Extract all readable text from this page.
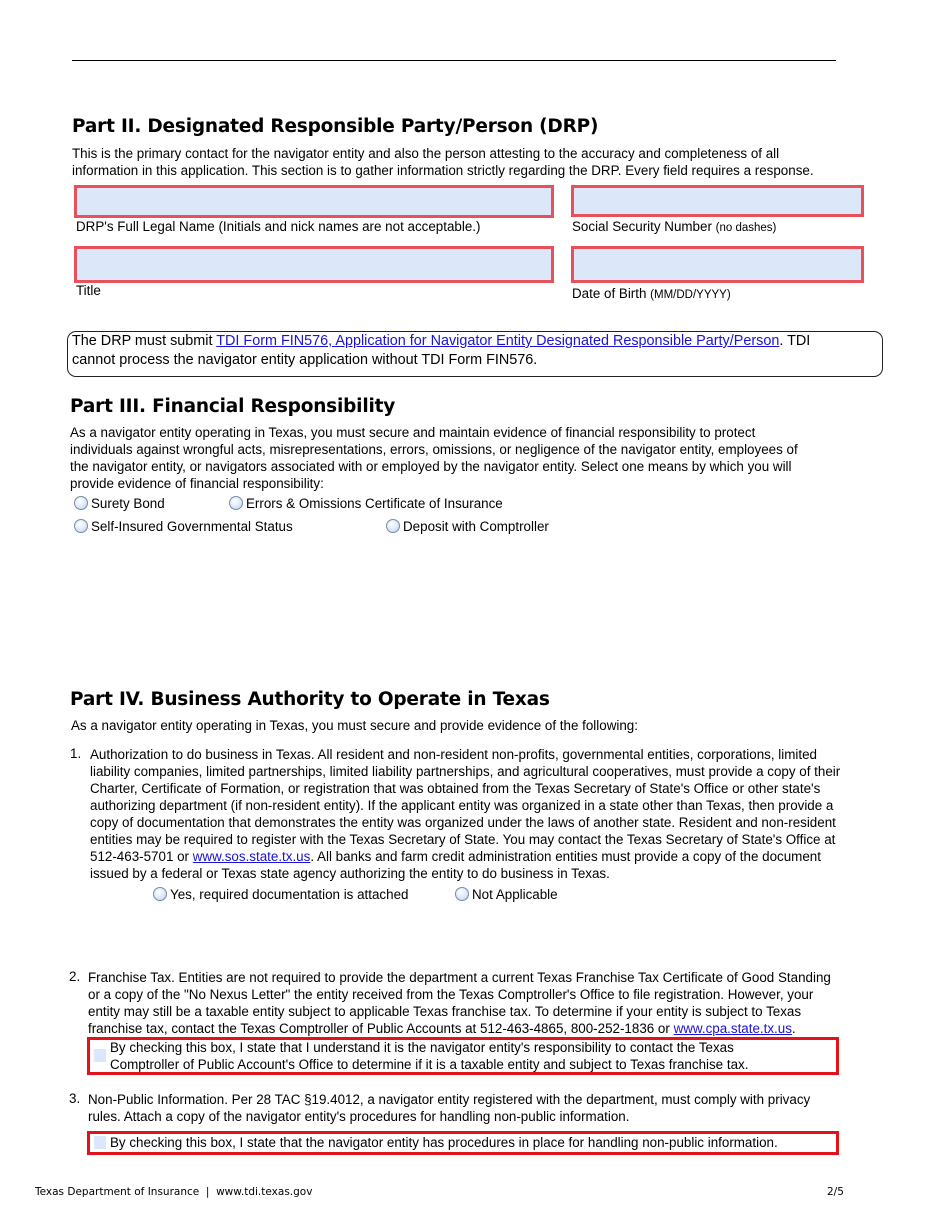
Part II. Designated Responsible Party/Person (DRP)
This is the primary contact for the navigator entity and also the person attesting to the accuracy and completeness of all
information in this application. This section is to gather information strictly regarding the DRP. Every field requires a response.
DRP's Full Legal Name (Initials and nick names are not acceptable.)	Social Security Number (no dashes)
Title	Date of Birth (MM/DD/YYYY)
The DRP must submit TDI Form FIN576, Application for Navigator Entity Designated Responsible Party/Person. TDI
cannot process the navigator entity application without TDI Form FIN576.
Part III. Financial Responsibility
As a navigator entity operating in Texas, you must secure and maintain evidence of financial responsibility to protect
individuals against wrongful acts, misrepresentations, errors, omissions, or negligence of the navigator entity, employees of
the navigator entity, or navigators associated with or employed by the navigator entity. Select one means by which you will
provide evidence of financial responsibility:
Surety Bond	Errors & Omissions Certificate of Insurance
Self-Insured Governmental Status	Deposit with Comptroller
Part IV. Business Authority to Operate in Texas
As a navigator entity operating in Texas, you must secure and provide evidence of the following:
1. Authorization to do business in Texas. All resident and non-resident non-profits, governmental entities, corporations, limited
liability companies, limited partnerships, limited liability partnerships, and agricultural cooperatives, must provide a copy of their
Charter, Certificate of Formation, or registration that was obtained from the Texas Secretary of State's Office or other state's
authorizing department (if non-resident entity). If the applicant entity was organized in a state other than Texas, then provide a
copy of documentation that demonstrates the entity was organized under the laws of another state. Resident and non-resident
entities may be required to register with the Texas Secretary of State. You may contact the Texas Secretary of State's Office at
512-463-5701 or www.sos.state.tx.us. All banks and farm credit administration entities must provide a copy of the document
issued by a federal or Texas state agency authorizing the entity to do business in Texas.
Yes, required documentation is attached	Not Applicable
2. Franchise Tax. Entities are not required to provide the department a current Texas Franchise Tax Certificate of Good Standing
or a copy of the "No Nexus Letter" the entity received from the Texas Comptroller's Office to file registration. However, your
entity may still be a taxable entity subject to applicable Texas franchise tax. To determine if your entity is subject to Texas
franchise tax, contact the Texas Comptroller of Public Accounts at 512-463-4865, 800-252-1836 or www.cpa.state.tx.us.
By checking this box, I state that I understand it is the navigator entity's responsibility to contact the Texas
Comptroller of Public Account's Office to determine if it is a taxable entity and subject to Texas franchise tax.
3. Non-Public Information. Per 28 TAC §19.4012, a navigator entity registered with the department, must comply with privacy
rules. Attach a copy of the navigator entity's procedures for handling non-public information.
By checking this box, I state that the navigator entity has procedures in place for handling non-public information.
Texas Department of Insurance  |  www.tdi.texas.gov	2/5
